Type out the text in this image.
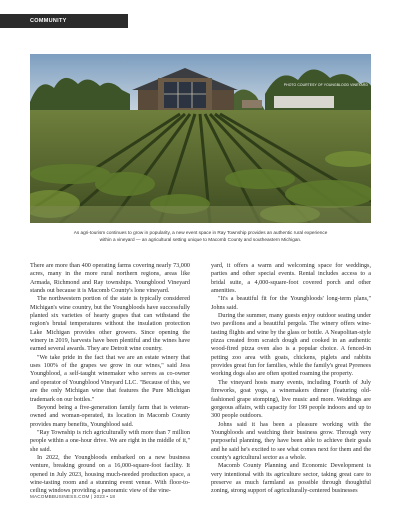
COMMUNITY
PHOTO COURTESY OF YOUNGBLOOD VINEYARD
As agri-tourism continues to grow in popularity, a new event space in Ray Township provides an authentic rural experience within a vineyard — an agricultural setting unique to Macomb County and southeastern Michigan.

There are more than 400 operating farms covering nearly 73,000 acres, many in the more rural northern regions, areas like Armada, Richmond and Ray townships. Youngblood Vineyard stands out because it is Macomb County's lone vineyard.

The northwestern portion of the state is typically considered Michigan's wine country, but the Youngbloods have successfully planted six varieties of hearty grapes that can withstand the region's brutal temperatures without the insulation protection Lake Michigan provides other growers. Since opening the winery in 2019, harvests have been plentiful and the wines have earned several awards. They are Detroit wine country.

"We take pride in the fact that we are an estate winery that uses 100% of the grapes we grow in our wines," said Jess Youngblood, a self-taught winemaker who serves as co-owner and operator of Youngblood Vineyard LLC. "Because of this, we are the only Michigan wine that features the Pure Michigan trademark on our bottles."

Beyond being a five-generation family farm that is veteran-owned and woman-operated, its location in Macomb County provides many benefits, Youngblood said.

"Ray Township is rich agriculturally with more than 7 million people within a one-hour drive. We are right in the middle of it," she said.

In 2022, the Youngbloods embarked on a new business venture, breaking ground on a 16,000-square-foot facility. It opened in July 2023, housing much-needed production space, a wine-tasting room and a stunning event venue. With floor-to-ceiling windows providing a panoramic view of the vine-

yard, it offers a warm and welcoming space for weddings, parties and other special events. Rental includes access to a bridal suite, a 4,000-square-foot covered porch and other amenities.

"It's a beautiful fit for the Youngbloods' long-term plans," Johns said.

During the summer, many guests enjoy outdoor seating under two pavilions and a beautiful pergola. The winery offers wine-tasting flights and wine by the glass or bottle. A Neapolitan-style pizza created from scratch dough and cooked in an authentic wood-fired pizza oven also is a popular choice. A fenced-in petting zoo area with goats, chickens, piglets and rabbits provides great fun for families, while the family's great Pyrenees working dogs also are often spotted roaming the property.

The vineyard hosts many events, including Fourth of July fireworks, goat yoga, a winemakers dinner (featuring old-fashioned grape stomping), live music and more. Weddings are gorgeous affairs, with capacity for 199 people indoors and up to 300 people outdoors.

Johns said it has been a pleasure working with the Youngbloods and watching their business grow. Through very purposeful planning, they have been able to achieve their goals and he said he's excited to see what comes next for them and the county's agricultural sector as a whole.

Macomb County Planning and Economic Development is very intentional with its agriculture sector, taking great care to preserve as much farmland as possible through thoughtful zoning, strong support of agriculturally-centered businesses

MACOMBBUSINESS.COM | 2023 • 18
